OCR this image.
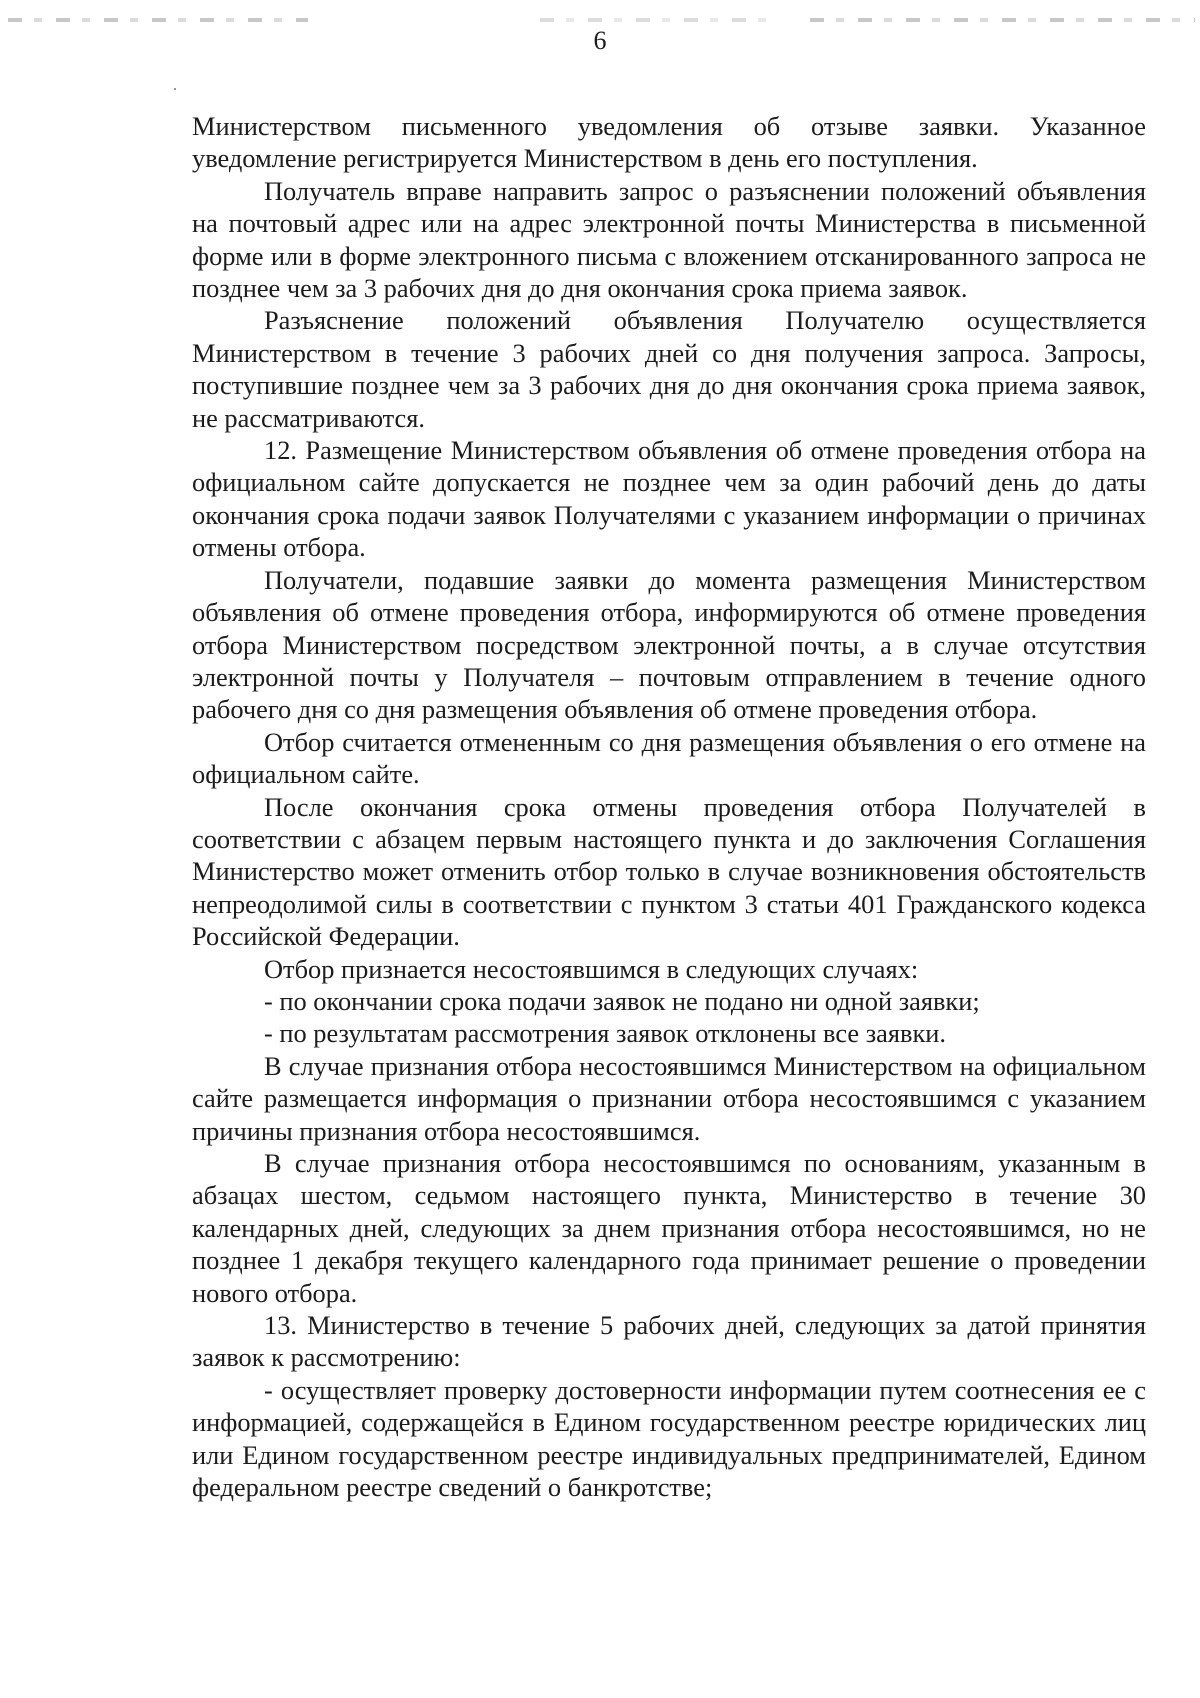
6

Министерством письменного уведомления об отзыве заявки. Указанное уведомление регистрируется Министерством в день его поступления.

Получатель вправе направить запрос о разъяснении положений объявления на почтовый адрес или на адрес электронной почты Министерства в письменной форме или в форме электронного письма с вложением отсканированного запроса не позднее чем за 3 рабочих дня до дня окончания срока приема заявок.

Разъяснение положений объявления Получателю осуществляется Министерством в течение 3 рабочих дней со дня получения запроса. Запросы, поступившие позднее чем за 3 рабочих дня до дня окончания срока приема заявок, не рассматриваются.

12. Размещение Министерством объявления об отмене проведения отбора на официальном сайте допускается не позднее чем за один рабочий день до даты окончания срока подачи заявок Получателями с указанием информации о причинах отмены отбора.

Получатели, подавшие заявки до момента размещения Министерством объявления об отмене проведения отбора, информируются об отмене проведения отбора Министерством посредством электронной почты, а в случае отсутствия электронной почты у Получателя – почтовым отправлением в течение одного рабочего дня со дня размещения объявления об отмене проведения отбора.

Отбор считается отмененным со дня размещения объявления о его отмене на официальном сайте.

После окончания срока отмены проведения отбора Получателей в соответствии с абзацем первым настоящего пункта и до заключения Соглашения Министерство может отменить отбор только в случае возникновения обстоятельств непреодолимой силы в соответствии с пунктом 3 статьи 401 Гражданского кодекса Российской Федерации.

Отбор признается несостоявшимся в следующих случаях:

- по окончании срока подачи заявок не подано ни одной заявки;

- по результатам рассмотрения заявок отклонены все заявки.

В случае признания отбора несостоявшимся Министерством на официальном сайте размещается информация о признании отбора несостоявшимся с указанием причины признания отбора несостоявшимся.

В случае признания отбора несостоявшимся по основаниям, указанным в абзацах шестом, седьмом настоящего пункта, Министерство в течение 30 календарных дней, следующих за днем признания отбора несостоявшимся, но не позднее 1 декабря текущего календарного года принимает решение о проведении нового отбора.

13. Министерство в течение 5 рабочих дней, следующих за датой принятия заявок к рассмотрению:

- осуществляет проверку достоверности информации путем соотнесения ее с информацией, содержащейся в Едином государственном реестре юридических лиц или Едином государственном реестре индивидуальных предпринимателей, Едином федеральном реестре сведений о банкротстве;
